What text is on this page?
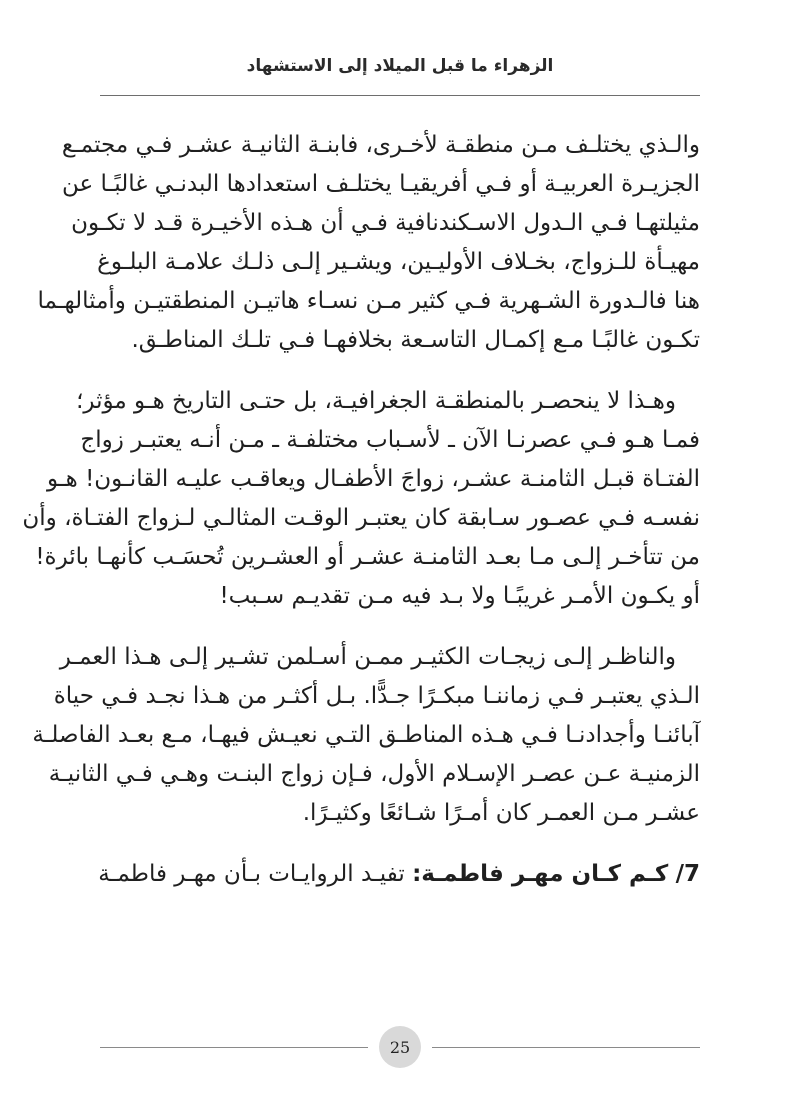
الزهراء ما قبل الميلاد إلى الاستشهاد
والـذي يختلـف مـن منطقـة لأخـرى، فابنـة الثانيـة عشـر فـي مجتمـع
الجزيـرة العربيـة أو فـي أفريقيـا يختلـف استعدادها البدنـي غالبًـا عن
مثيلتهـا فـي الـدول الاسـكندنافية فـي أن هـذه الأخيـرة قـد لا تكـون
مهيـأة للـزواج، بخـلاف الأوليـين، ويشـير إلـى ذلـك علامـة البلـوغ
هنا فالـدورة الشـهرية فـي كثير مـن نسـاء هاتيـن المنطقتيـن وأمثالهـما
تكـون غالبًـا مـع إكمـال التاسـعة بخلافهـا فـي تلـك المناطـق.
وهـذا لا ينحصـر بالمنطقـة الجغرافيـة، بل حتـى التاريخ هـو مؤثر؛
فمـا هـو فـي عصرنـا الآن ـ لأسـباب مختلفـة ـ مـن أنـه يعتبـر زواج
الفتـاة قبـل الثامنـة عشـر، زواجَ الأطفـال ويعاقـب عليـه القانـون! هـو
نفسـه فـي عصـور سـابقة كان يعتبـر الوقـت المثالـي لـزواج الفتـاة، وأن
من تتأخـر إلـى مـا بعـد الثامنـة عشـر أو العشـرين تُحسَـب كأنهـا بائرة!
أو يكـون الأمـر غريبًـا ولا بـد فيه مـن تقديـم سـبب!
والناظـر إلـى زيجـات الكثيـر ممـن أسـلمن تشـير إلـى هـذا العمـر
الـذي يعتبـر فـي زماننـا مبكـرًا جـدًّا. بـل أكثـر من هـذا نجـد فـي حياة
آبائنـا وأجدادنـا فـي هـذه المناطـق التـي نعيـش فيهـا، مـع بعـد الفاصلـة
الزمنيـة عـن عصـر الإسـلام الأول، فـإن زواج البنـت وهـي فـي الثانيـة
عشـر مـن العمـر كان أمـرًا شـائعًا وكثيـرًا.
7/ كـم كـان مهـر فاطمـة: تفيـد الروايـات بـأن مهـر فاطمـة
25
